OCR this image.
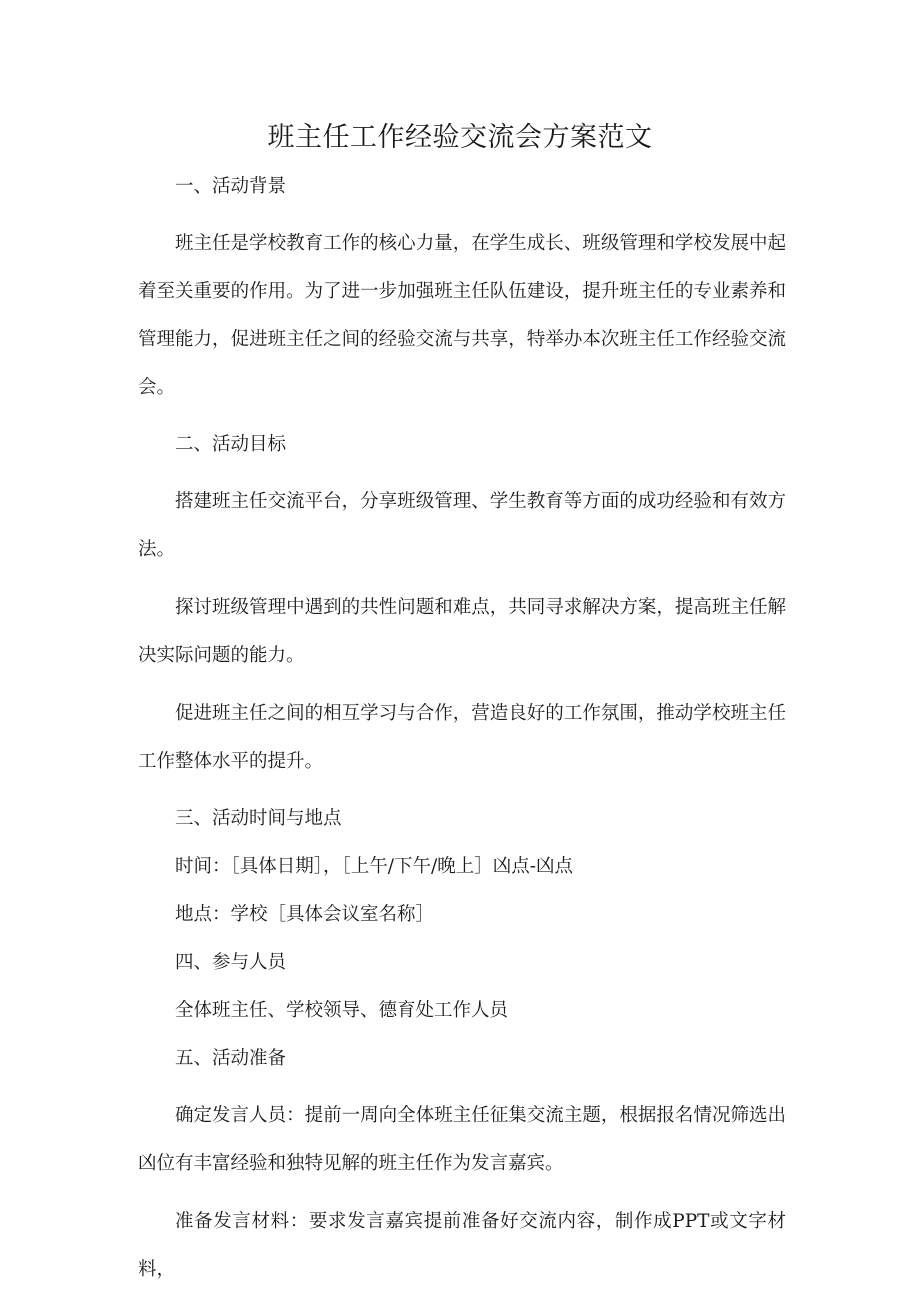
班主任工作经验交流会方案范文

一、活动背景

班主任是学校教育工作的核心力量，在学生成长、班级管理和学校发展中起着至关重要的作用。为了进一步加强班主任队伍建设，提升班主任的专业素养和管理能力，促进班主任之间的经验交流与共享，特举办本次班主任工作经验交流会。

二、活动目标

搭建班主任交流平台，分享班级管理、学生教育等方面的成功经验和有效方法。

探讨班级管理中遇到的共性问题和难点，共同寻求解决方案，提高班主任解决实际问题的能力。

促进班主任之间的相互学习与合作，营造良好的工作氛围，推动学校班主任工作整体水平的提升。

三、活动时间与地点

时间：［具体日期］，［上午/下午/晚上］凶点-凶点

地点：学校［具体会议室名称］

四、参与人员

全体班主任、学校领导、德育处工作人员

五、活动准备

确定发言人员：提前一周向全体班主任征集交流主题，根据报名情况筛选出凶位有丰富经验和独特见解的班主任作为发言嘉宾。

准备发言材料：要求发言嘉宾提前准备好交流内容，制作成PPT或文字材料，
